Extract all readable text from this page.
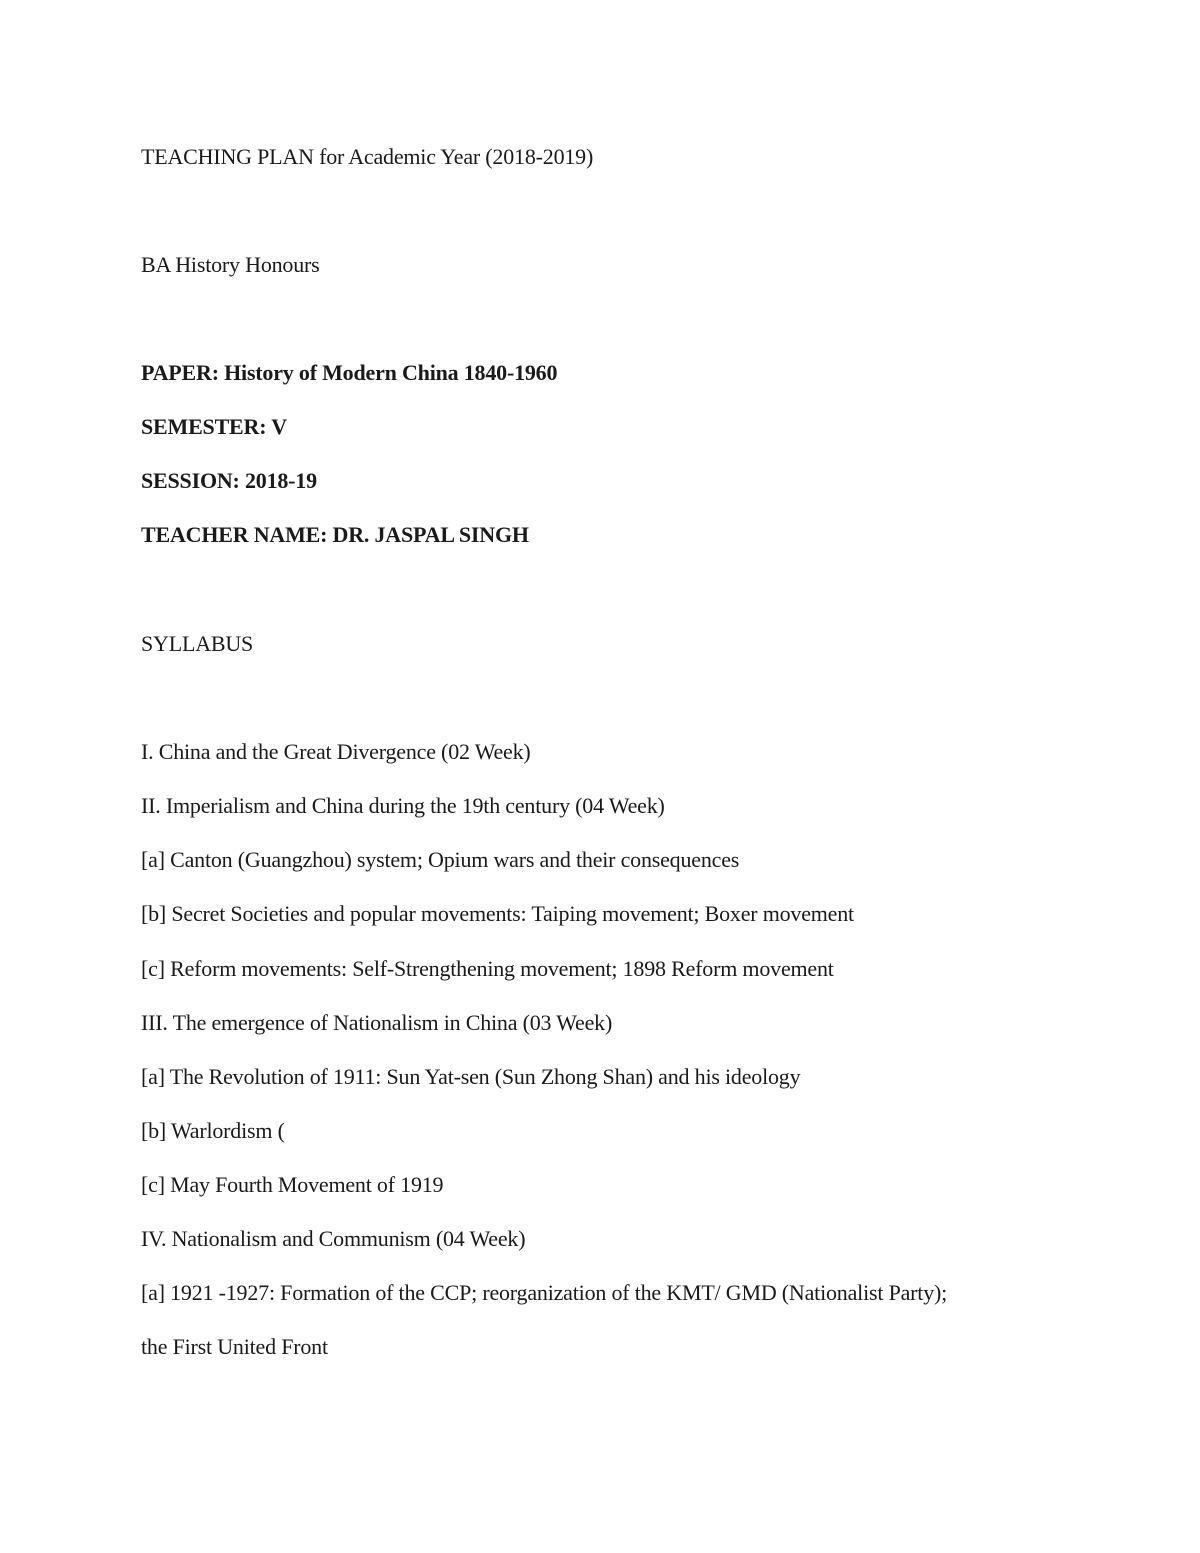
TEACHING PLAN for Academic Year (2018-2019)
BA History Honours
PAPER: History of Modern China 1840-1960
SEMESTER: V
SESSION: 2018-19
TEACHER NAME: DR. JASPAL SINGH
SYLLABUS
I. China and the Great Divergence (02 Week)
II. Imperialism and China during the 19th century (04 Week)
[a] Canton (Guangzhou) system; Opium wars and their consequences
[b] Secret Societies and popular movements: Taiping movement; Boxer movement
[c] Reform movements: Self-Strengthening movement; 1898 Reform movement
III. The emergence of Nationalism in China (03 Week)
[a] The Revolution of 1911: Sun Yat-sen (Sun Zhong Shan) and his ideology
[b] Warlordism (
[c] May Fourth Movement of 1919
IV. Nationalism and Communism (04 Week)
[a] 1921 -1927: Formation of the CCP; reorganization of the KMT/ GMD (Nationalist Party);
the First United Front
